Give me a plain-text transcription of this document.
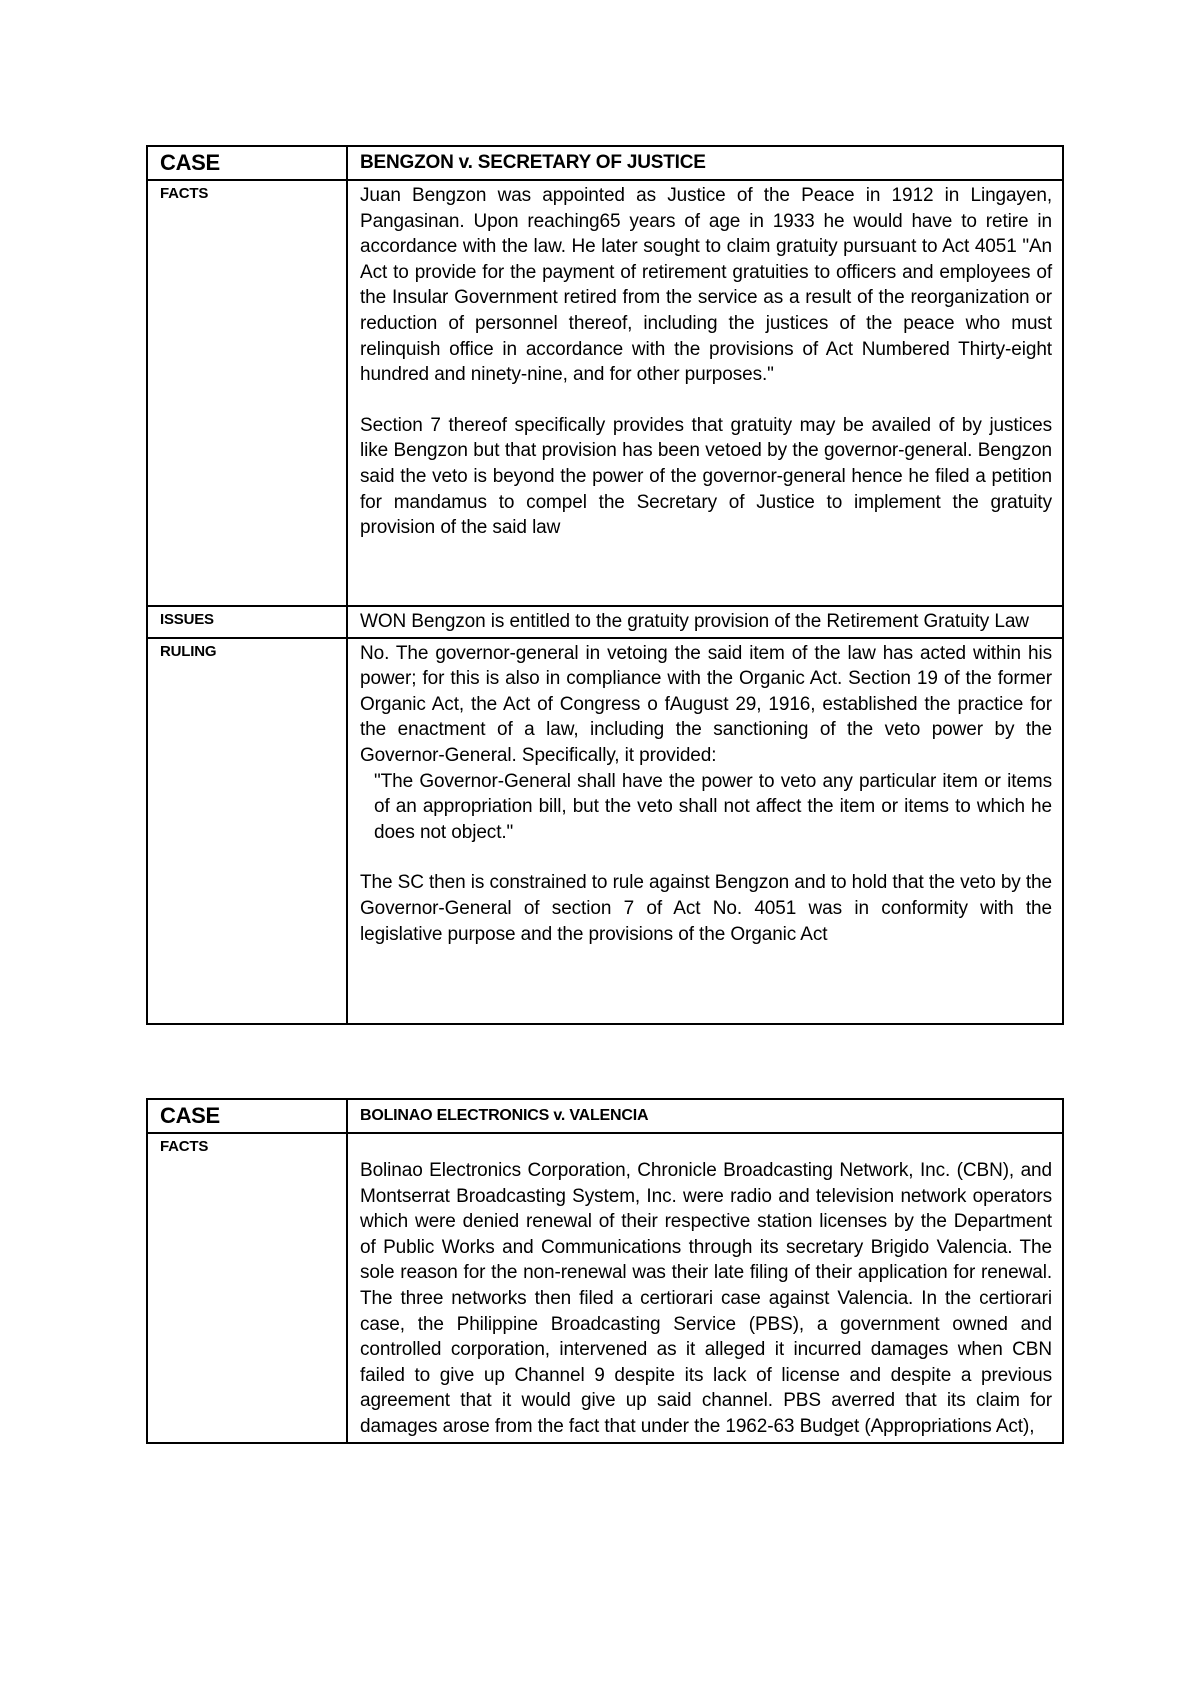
CASE	BENGZON v. SECRETARY OF JUSTICE
FACTS	Juan Bengzon was appointed as Justice of the Peace in 1912 in Lingayen, Pangasinan. Upon reaching65 years of age in 1933 he would have to retire in accordance with the law. He later sought to claim gratuity pursuant to Act 4051 "An Act to provide for the payment of retirement gratuities to officers and employees of the Insular Government retired from the service as a result of the reorganization or reduction of personnel thereof, including the justices of the peace who must relinquish office in accordance with the provisions of Act Numbered Thirty-eight hundred and ninety-nine, and for other purposes."

Section 7 thereof specifically provides that gratuity may be availed of by justices like Bengzon but that provision has been vetoed by the governor-general. Bengzon said the veto is beyond the power of the governor-general hence he filed a petition for mandamus to compel the Secretary of Justice to implement the gratuity provision of the said law

ISSUES	WON Bengzon is entitled to the gratuity provision of the Retirement Gratuity Law

RULING	No. The governor-general in vetoing the said item of the law has acted within his power; for this is also in compliance with the Organic Act. Section 19 of the former Organic Act, the Act of Congress o fAugust 29, 1916, established the practice for the enactment of a law, including the sanctioning of the veto power by the Governor-General. Specifically, it provided:

"The Governor-General shall have the power to veto any particular item or items of an appropriation bill, but the veto shall not affect the item or items to which he does not object."

The SC then is constrained to rule against Bengzon and to hold that the veto by the Governor-General of section 7 of Act No. 4051 was in conformity with the legislative purpose and the provisions of the Organic Act

CASE	BOLINAO ELECTRONICS v. VALENCIA
FACTS	Bolinao Electronics Corporation, Chronicle Broadcasting Network, Inc. (CBN), and Montserrat Broadcasting System, Inc. were radio and television network operators which were denied renewal of their respective station licenses by the Department of Public Works and Communications through its secretary Brigido Valencia. The sole reason for the non-renewal was their late filing of their application for renewal. The three networks then filed a certiorari case against Valencia. In the certiorari case, the Philippine Broadcasting Service (PBS), a government owned and controlled corporation, intervened as it alleged it incurred damages when CBN failed to give up Channel 9 despite its lack of license and despite a previous agreement that it would give up said channel. PBS averred that its claim for damages arose from the fact that under the 1962-63 Budget (Appropriations Act),
